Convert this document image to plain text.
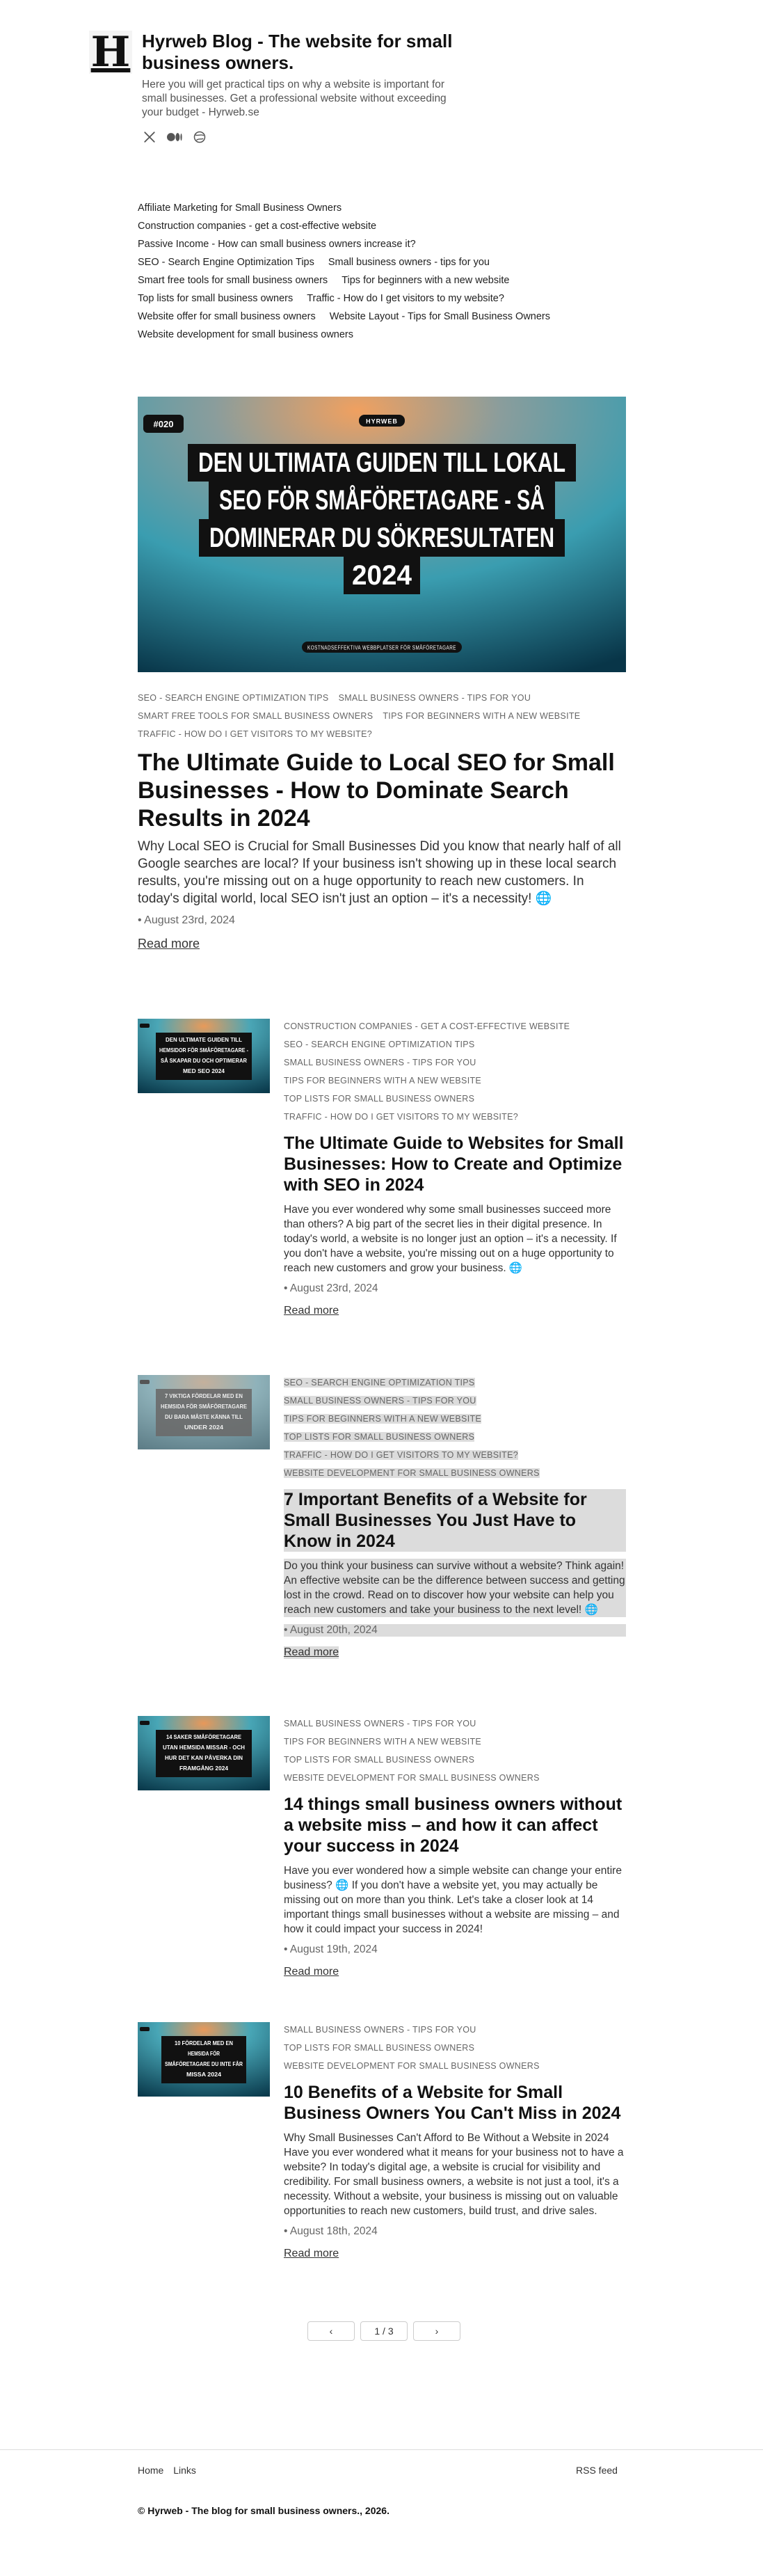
H Hyrweb Blog - The website for small business owners.

Here you will get practical tips on why a website is important for small businesses. Get a professional website without exceeding your budget - Hyrweb.se

Affiliate Marketing for Small Business Owners
Construction companies - get a cost-effective website
Passive Income - How can small business owners increase it?
SEO - Search Engine Optimization Tips Small business owners - tips for you
Smart free tools for small business owners Tips for beginners with a new website
Top lists for small business owners Traffic - How do I get visitors to my website?
Website offer for small business owners Website Layout - Tips for Small Business Owners
Website development for small business owners
#020	HYRWEB
DEN ULTIMATA GUIDEN TILL LOKAL
SEO FÖR SMÅFÖRETAGARE - SÅ
DOMINERAR DU SÖKRESULTATEN
2024
KOSTNADSEFFEKTIVA WEBBPLATSER FÖR SMÅFÖRETAGARE
SEO - SEARCH ENGINE OPTIMIZATION TIPS SMALL BUSINESS OWNERS - TIPS FOR YOU
SMART FREE TOOLS FOR SMALL BUSINESS OWNERS TIPS FOR BEGINNERS WITH A NEW WEBSITE
TRAFFIC - HOW DO I GET VISITORS TO MY WEBSITE?
The Ultimate Guide to Local SEO for Small Businesses - How to Dominate Search Results in 2024

Why Local SEO is Crucial for Small Businesses Did you know that nearly half of all Google searches are local? If your business isn't showing up in these local search results, you're missing out on a huge opportunity to reach new customers. In today's digital world, local SEO isn't just an option – it's a necessity! 🌐

• August 23rd, 2024

Read more
DEN ULTIMATE GUIDEN TILL
HEMSIDOR FÖR SMÅFÖRETAGARE -
SÅ SKAPAR DU OCH OPTIMERAR
MED SEO 2024
CONSTRUCTION COMPANIES - GET A COST-EFFECTIVE WEBSITE
SEO - SEARCH ENGINE OPTIMIZATION TIPS
SMALL BUSINESS OWNERS - TIPS FOR YOU
TIPS FOR BEGINNERS WITH A NEW WEBSITE
TOP LISTS FOR SMALL BUSINESS OWNERS
TRAFFIC - HOW DO I GET VISITORS TO MY WEBSITE?
The Ultimate Guide to Websites for Small Businesses: How to Create and Optimize with SEO in 2024

Have you ever wondered why some small businesses succeed more than others? A big part of the secret lies in their digital presence. In today's world, a website is no longer just an option – it's a necessity. If you don't have a website, you're missing out on a huge opportunity to reach new customers and grow your business. 🌐

• August 23rd, 2024

Read more
7 VIKTIGA FÖRDELAR MED EN
HEMSIDA FÖR SMÅFÖRETAGARE
DU BARA MÅSTE KÄNNA TILL
UNDER 2024
SEO - SEARCH ENGINE OPTIMIZATION TIPS
SMALL BUSINESS OWNERS - TIPS FOR YOU
TIPS FOR BEGINNERS WITH A NEW WEBSITE
TOP LISTS FOR SMALL BUSINESS OWNERS
TRAFFIC - HOW DO I GET VISITORS TO MY WEBSITE?
WEBSITE DEVELOPMENT FOR SMALL BUSINESS OWNERS
7 Important Benefits of a Website for Small Businesses You Just Have to Know in 2024

Do you think your business can survive without a website? Think again! An effective website can be the difference between success and getting lost in the crowd. Read on to discover how your website can help you reach new customers and take your business to the next level! 🌐

• August 20th, 2024

Read more
14 SAKER SMÅFÖRETAGARE
UTAN HEMSIDA MISSAR - OCH
HUR DET KAN PÅVERKA DIN
FRAMGÅNG 2024
SMALL BUSINESS OWNERS - TIPS FOR YOU
TIPS FOR BEGINNERS WITH A NEW WEBSITE
TOP LISTS FOR SMALL BUSINESS OWNERS
WEBSITE DEVELOPMENT FOR SMALL BUSINESS OWNERS
14 things small business owners without a website miss – and how it can affect your success in 2024

Have you ever wondered how a simple website can change your entire business? 🌐 If you don't have a website yet, you may actually be missing out on more than you think. Let's take a closer look at 14 important things small businesses without a website are missing – and how it could impact your success in 2024!

• August 19th, 2024

Read more
10 FÖRDELAR MED EN
HEMSIDA FÖR
SMÅFÖRETAGARE DU INTE FÅR
MISSA 2024
SMALL BUSINESS OWNERS - TIPS FOR YOU
TOP LISTS FOR SMALL BUSINESS OWNERS
WEBSITE DEVELOPMENT FOR SMALL BUSINESS OWNERS
10 Benefits of a Website for Small Business Owners You Can't Miss in 2024

Why Small Businesses Can't Afford to Be Without a Website in 2024 Have you ever wondered what it means for your business not to have a website? In today's digital age, a website is crucial for visibility and credibility. For small business owners, a website is not just a tool, it's a necessity. Without a website, your business is missing out on valuable opportunities to reach new customers, build trust, and drive sales.

• August 18th, 2024

Read more
‹	1 / 3	›
Home Links	RSS feed

© Hyrweb - The blog for small business owners., 2026.
